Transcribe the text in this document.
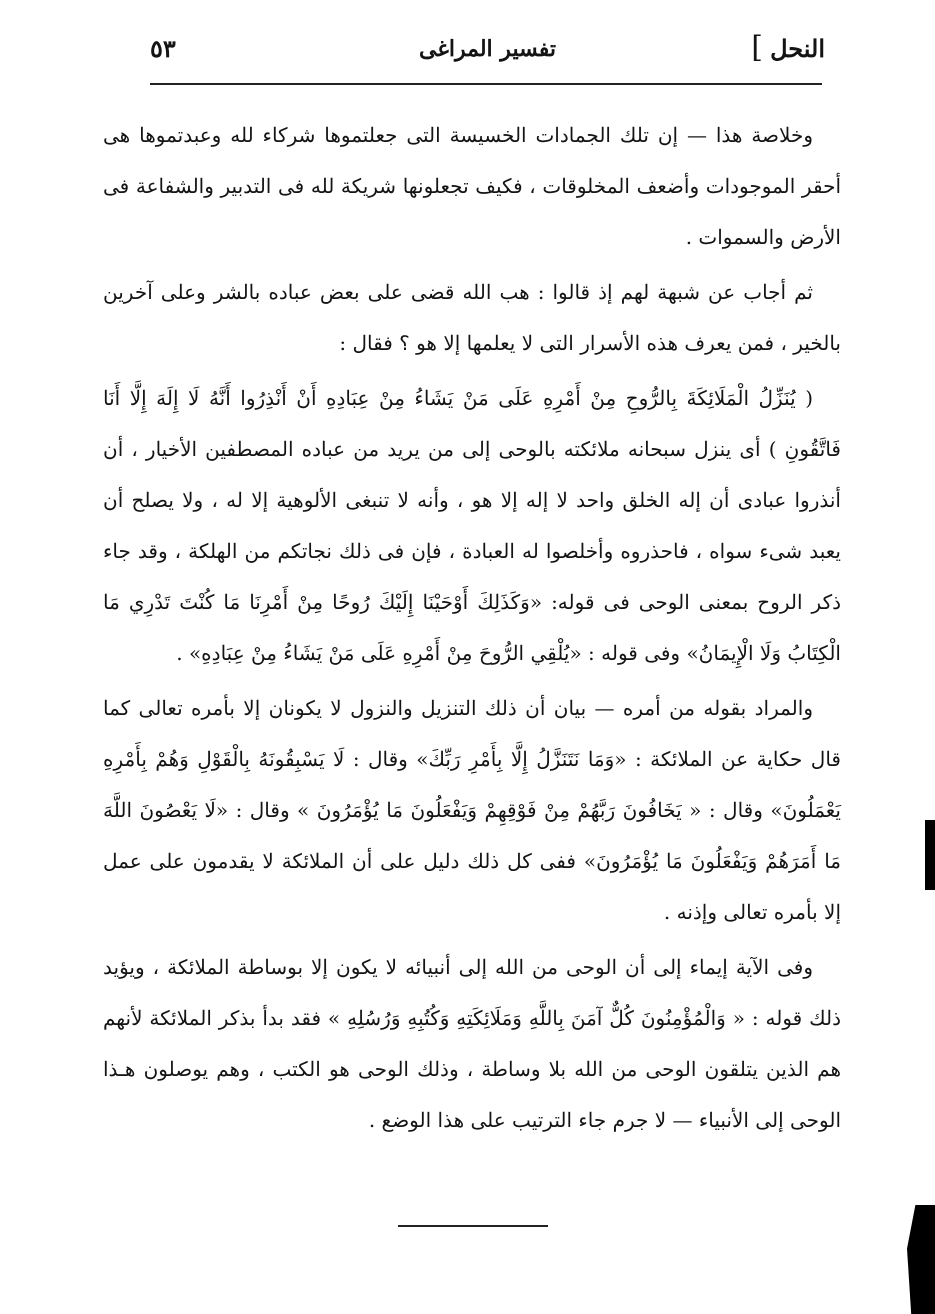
النحل
]
تفسير المراغى
٥٣

وخلاصة هذا — إن تلك الجمادات الخسيسة التى جعلتموها شركاء لله وعبدتموها هى أحقر الموجودات وأضعف المخلوقات ، فكيف تجعلونها شريكة لله فى التدبير والشفاعة فى الأرض والسموات .

ثم أجاب عن شبهة لهم إذ قالوا : هب الله قضى على بعض عباده بالشر وعلى آخرين بالخير ، فمن يعرف هذه الأسرار التى لا يعلمها إلا هو ؟ فقال :

( يُنَزِّلُ الْمَلَائِكَةَ بِالرُّوحِ مِنْ أَمْرِهِ عَلَى مَنْ يَشَاءُ مِنْ عِبَادِهِ أَنْ أَنْذِرُوا أَنَّهُ لَا إِلَهَ إِلَّا أَنَا فَاتَّقُونِ ) أى ينزل سبحانه ملائكته بالوحى إلى من يريد من عباده المصطفين الأخيار ، أن أنذروا عبادى أن إله الخلق واحد لا إله إلا هو ، وأنه لا تنبغى الألوهية إلا له ، ولا يصلح أن يعبد شىء سواه ، فاحذروه وأخلصوا له العبادة ، فإن فى ذلك نجاتكم من الهلكة ، وقد جاء ذكر الروح بمعنى الوحى فى قوله: «وَكَذَلِكَ أَوْحَيْنَا إِلَيْكَ رُوحًا مِنْ أَمْرِنَا مَا كُنْتَ تَدْرِي مَا الْكِتَابُ وَلَا الْإِيمَانُ» وفى قوله : «يُلْقِي الرُّوحَ مِنْ أَمْرِهِ عَلَى مَنْ يَشَاءُ مِنْ عِبَادِهِ» .

والمراد بقوله من أمره — بيان أن ذلك التنزيل والنزول لا يكونان إلا بأمره تعالى كما قال حكاية عن الملائكة : «وَمَا نَتَنَزَّلُ إِلَّا بِأَمْرِ رَبِّكَ» وقال : لَا يَسْبِقُونَهُ بِالْقَوْلِ وَهُمْ بِأَمْرِهِ يَعْمَلُونَ» وقال : « يَخَافُونَ رَبَّهُمْ مِنْ فَوْقِهِمْ وَيَفْعَلُونَ مَا يُؤْمَرُونَ » وقال : «لَا يَعْصُونَ اللَّهَ مَا أَمَرَهُمْ وَيَفْعَلُونَ مَا يُؤْمَرُونَ» ففى كل ذلك دليل على أن الملائكة لا يقدمون على عمل إلا بأمره تعالى وإذنه .

وفى الآية إيماء إلى أن الوحى من الله إلى أنبيائه لا يكون إلا بوساطة الملائكة ، ويؤيد ذلك قوله : « وَالْمُؤْمِنُونَ كُلٌّ آمَنَ بِاللَّهِ وَمَلَائِكَتِهِ وَكُتُبِهِ وَرُسُلِهِ » فقد بدأ بذكر الملائكة لأنهم هم الذين يتلقون الوحى من الله بلا وساطة ، وذلك الوحى هو الكتب ، وهم يوصلون هـذا الوحى إلى الأنبياء — لا جرم جاء الترتيب على هذا الوضع .
